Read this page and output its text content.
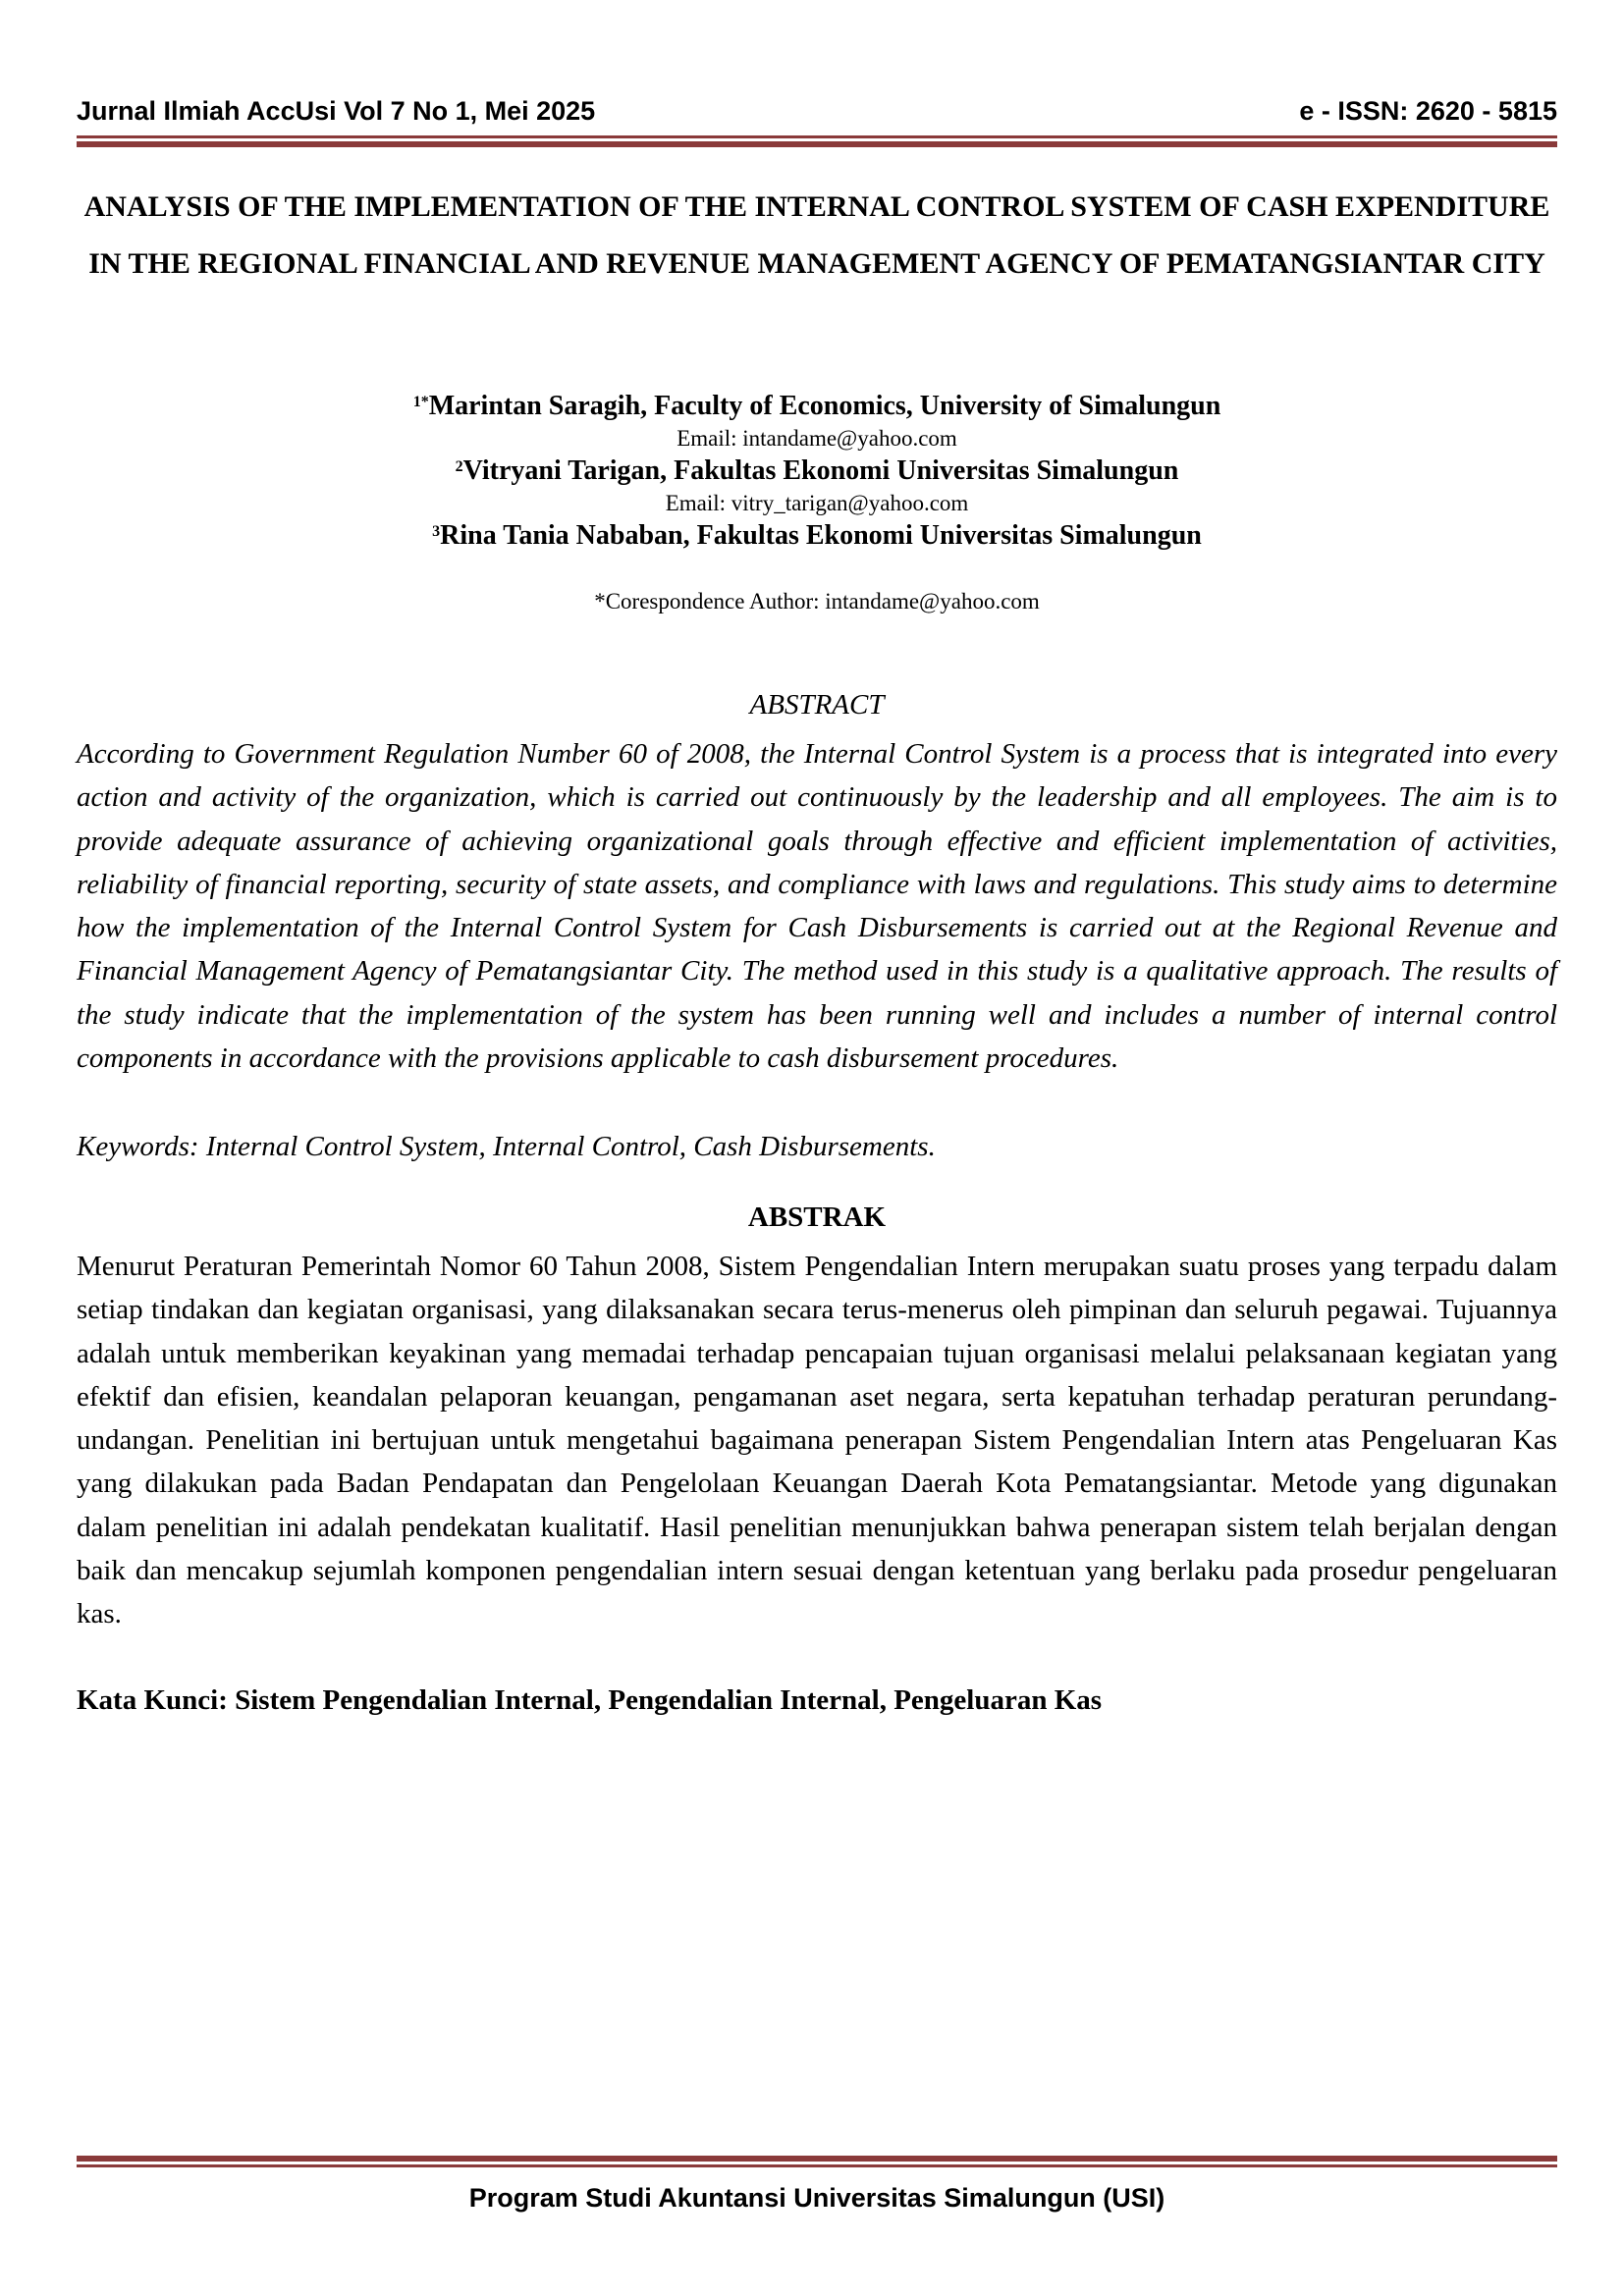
Jurnal Ilmiah AccUsi Vol 7 No 1, Mei 2025	e - ISSN: 2620 - 5815
ANALYSIS OF THE IMPLEMENTATION OF THE INTERNAL CONTROL SYSTEM OF CASH EXPENDITURE IN THE REGIONAL FINANCIAL AND REVENUE MANAGEMENT AGENCY OF PEMATANGSIANTAR CITY
$^{1*}$Marintan Saragih, Faculty of Economics, University of Simalungun
Email: intandame@yahoo.com
$^2$Vitryani Tarigan, Fakultas Ekonomi Universitas Simalungun
Email: vitry_tarigan@yahoo.com
$^3$Rina Tania Nababan, Fakultas Ekonomi Universitas Simalungun
*Corespondence Author: intandame@yahoo.com
ABSTRACT

According to Government Regulation Number 60 of 2008, the Internal Control System is a process that is integrated into every action and activity of the organization, which is carried out continuously by the leadership and all employees. The aim is to provide adequate assurance of achieving organizational goals through effective and efficient implementation of activities, reliability of financial reporting, security of state assets, and compliance with laws and regulations. This study aims to determine how the implementation of the Internal Control System for Cash Disbursements is carried out at the Regional Revenue and Financial Management Agency of Pematangsiantar City. The method used in this study is a qualitative approach. The results of the study indicate that the implementation of the system has been running well and includes a number of internal control components in accordance with the provisions applicable to cash disbursement procedures.

Keywords: Internal Control System, Internal Control, Cash Disbursements.
ABSTRAK

Menurut Peraturan Pemerintah Nomor 60 Tahun 2008, Sistem Pengendalian Intern merupakan suatu proses yang terpadu dalam setiap tindakan dan kegiatan organisasi, yang dilaksanakan secara terus-menerus oleh pimpinan dan seluruh pegawai. Tujuannya adalah untuk memberikan keyakinan yang memadai terhadap pencapaian tujuan organisasi melalui pelaksanaan kegiatan yang efektif dan efisien, keandalan pelaporan keuangan, pengamanan aset negara, serta kepatuhan terhadap peraturan perundang-undangan. Penelitian ini bertujuan untuk mengetahui bagaimana penerapan Sistem Pengendalian Intern atas Pengeluaran Kas yang dilakukan pada Badan Pendapatan dan Pengelolaan Keuangan Daerah Kota Pematangsiantar. Metode yang digunakan dalam penelitian ini adalah pendekatan kualitatif. Hasil penelitian menunjukkan bahwa penerapan sistem telah berjalan dengan baik dan mencakup sejumlah komponen pengendalian intern sesuai dengan ketentuan yang berlaku pada prosedur pengeluaran kas.

Kata Kunci: Sistem Pengendalian Internal, Pengendalian Internal, Pengeluaran Kas
Program Studi Akuntansi Universitas Simalungun (USI)
